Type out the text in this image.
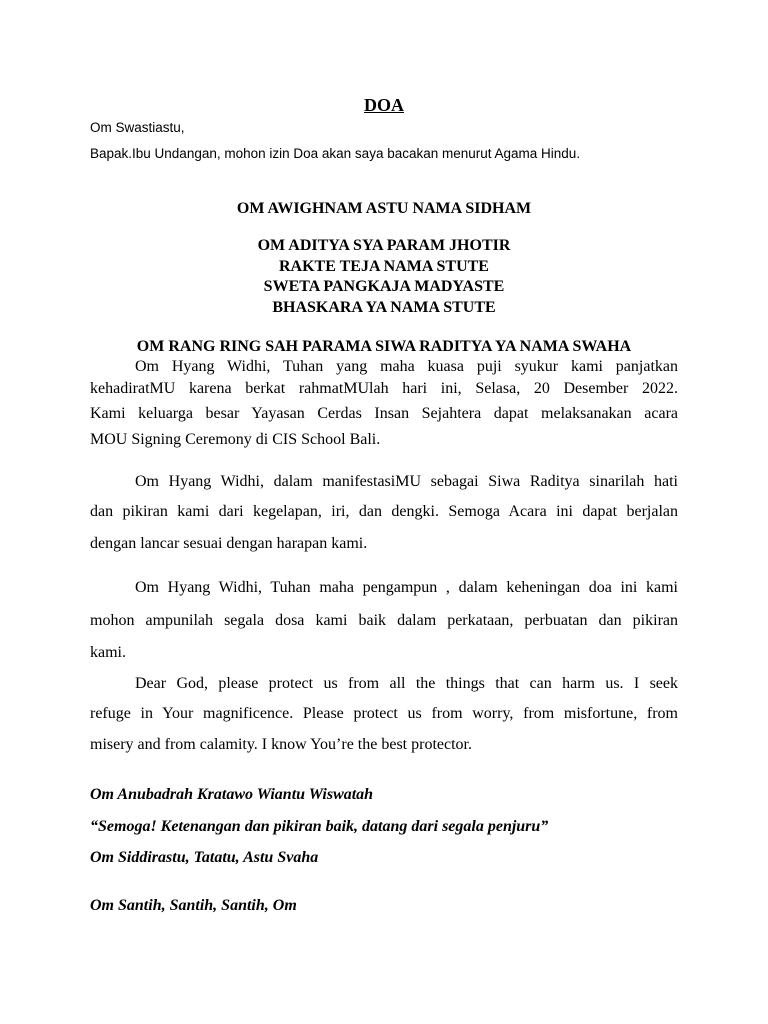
DOA
Om Swastiastu,
Bapak.Ibu Undangan, mohon izin Doa akan saya bacakan menurut Agama Hindu.
OM AWIGHNAM ASTU NAMA SIDHAM
OM ADITYA SYA PARAM JHOTIR
RAKTE TEJA NAMA STUTE
SWETA PANGKAJA MADYASTE
BHASKARA YA NAMA STUTE
OM RANG RING SAH PARAMA SIWA RADITYA YA NAMA SWAHA
Om Hyang Widhi, Tuhan yang maha kuasa puji syukur kami panjatkan
kehadiratMU karena berkat rahmatMUlah hari ini, Selasa, 20 Desember 2022.
Kami keluarga besar Yayasan Cerdas Insan Sejahtera dapat melaksanakan acara
MOU Signing Ceremony di CIS School Bali.
Om Hyang Widhi, dalam manifestasiMU sebagai Siwa Raditya sinarilah hati
dan pikiran kami dari kegelapan, iri, dan dengki. Semoga Acara ini dapat berjalan
dengan lancar sesuai dengan harapan kami.
Om Hyang Widhi, Tuhan maha pengampun , dalam keheningan doa ini kami
mohon ampunilah segala dosa kami baik dalam perkataan, perbuatan dan pikiran
kami.
Dear God, please protect us from all the things that can harm us. I seek
refuge in Your magnificence. Please protect us from worry, from misfortune, from
misery and from calamity. I know You’re the best protector.
Om Anubadrah Kratawo Wiantu Wiswatah
“Semoga! Ketenangan dan pikiran baik, datang dari segala penjuru”
Om Siddirastu, Tatatu, Astu Svaha
Om Santih, Santih, Santih, Om
